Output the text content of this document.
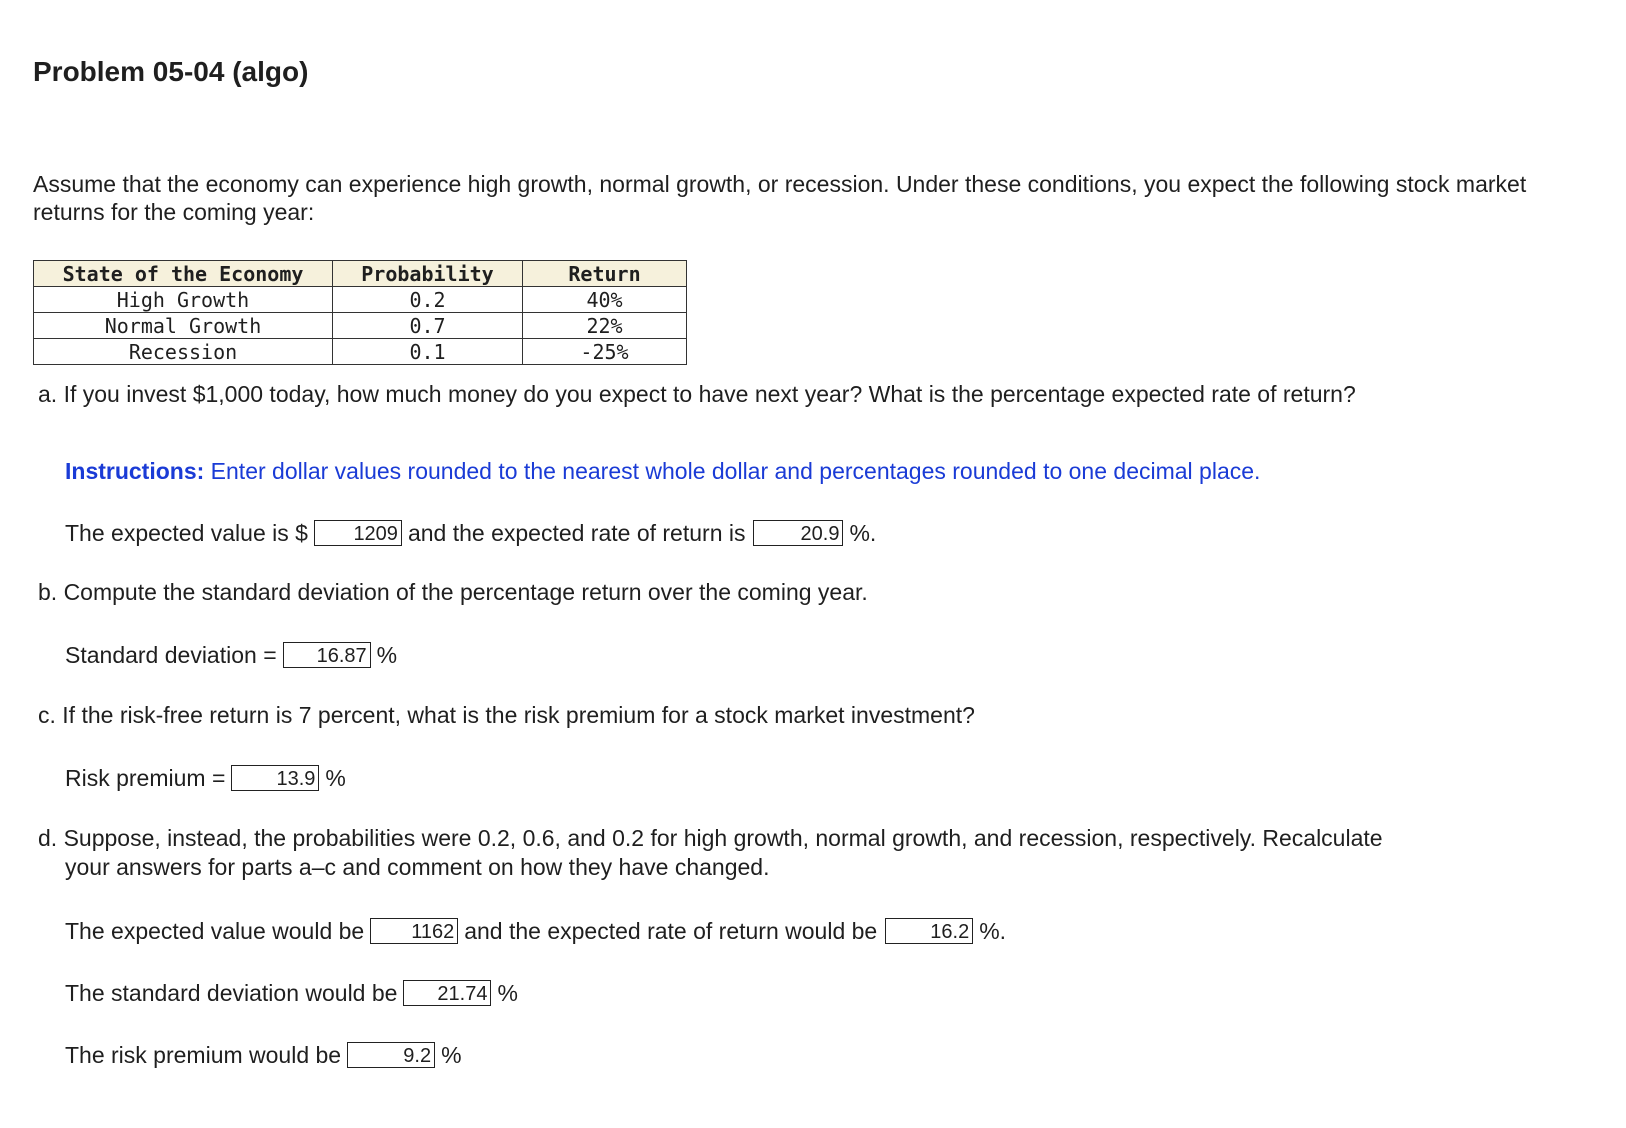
Problem 05-04 (algo)

Assume that the economy can experience high growth, normal growth, or recession. Under these conditions, you expect the following stock market returns for the coming year:

State of the Economy	Probability	Return
High Growth	0.2	40%
Normal Growth	0.7	22%
Recession	0.1	-25%

a. If you invest $1,000 today, how much money do you expect to have next year? What is the percentage expected rate of return?

Instructions: Enter dollar values rounded to the nearest whole dollar and percentages rounded to one decimal place.

The expected value is $	1209 and the expected rate of return is	20.9 %.

b. Compute the standard deviation of the percentage return over the coming year.

Standard deviation =	16.87 %

c. If the risk-free return is 7 percent, what is the risk premium for a stock market investment?

Risk premium =	13.9 %

d. Suppose, instead, the probabilities were 0.2, 0.6, and 0.2 for high growth, normal growth, and recession, respectively. Recalculate

your answers for parts a–c and comment on how they have changed.

The expected value would be	1162 and the expected rate of return would be	16.2 %.
The standard deviation would be	21.74 %
The risk premium would be	9.2 %
